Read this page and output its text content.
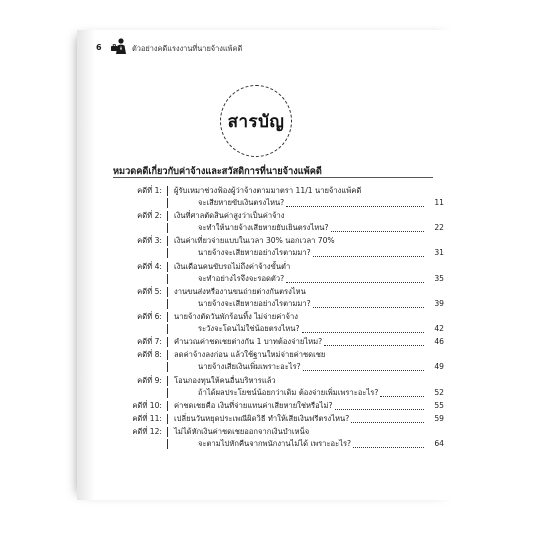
6	ตัวอย่างคดีแรงงานที่นายจ้างแพ้คดี
สารบัญ
หมวดคดีเกี่ยวกับค่าจ้างและสวัสดิการที่นายจ้างแพ้คดี
คดีที่ 1: ผู้รับเหมาช่วงฟ้องผู้ว่าจ้างตามมาตรา 11/1 นายจ้างแพ้คดี
จะเสียหายขับเงินตรงไหน?	11
คดีที่ 2: เงินที่ศาลตัดสินค่าสูงว่าเป็นค่าจ้าง
จะทำให้นายจ้างเสียหายยับเยินตรงไหน?	22
คดีที่ 3: เงินค่าเที่ยวจ่ายแบบในเวลา 30% นอกเวลา 70%
นายจ้างจะเสียหายอย่างไรตามมา?	31
คดีที่ 4: เงินเดือนคนขับรถไม่ถึงค่าจ้างขั้นต่ำ
จะทำอย่างไรจึงจะรอดตัว?	35
คดีที่ 5: งานขนส่งหรืองานขนถ่ายต่างกันตรงไหน
นายจ้างจะเสียหายอย่างไรตามมา?	39
คดีที่ 6: นายจ้างตัดวันพักร้อนทิ้ง ไม่จ่ายค่าจ้าง
ระวังจะโดนไม่ใช่น้อยตรงไหน?	42
คดีที่ 7: คำนวณค่าชดเชยต่างกัน 1 บาทต้องจ่ายไหม?	46
คดีที่ 8: ลดค่าจ้างลงก่อน แล้วใช้ฐานใหม่จ่ายค่าชดเชย
นายจ้างเสียเงินเพิ่มเพราะอะไร?	49
คดีที่ 9: โอนกองทุนให้คนอื่นบริหารแล้ว
ถ้าได้ผลประโยชน์น้อยกว่าเดิม ต้องจ่ายเพิ่มเพราะอะไร?	52
คดีที่ 10: ค่าชดเชยคือ เงินที่จ่ายแทนค่าเสียหายใช่หรือไม่?	55
คดีที่ 11: เปลี่ยนวันหยุดประเพณีผิดวิธี ทำให้เสียเงินฟรีตรงไหน?	59
คดีที่ 12: ไม่ได้หักเงินค่าชดเชยออกจากเงินบำเหน็จ
จะตามไปหักคืนจากพนักงานไม่ได้ เพราะอะไร?	64
